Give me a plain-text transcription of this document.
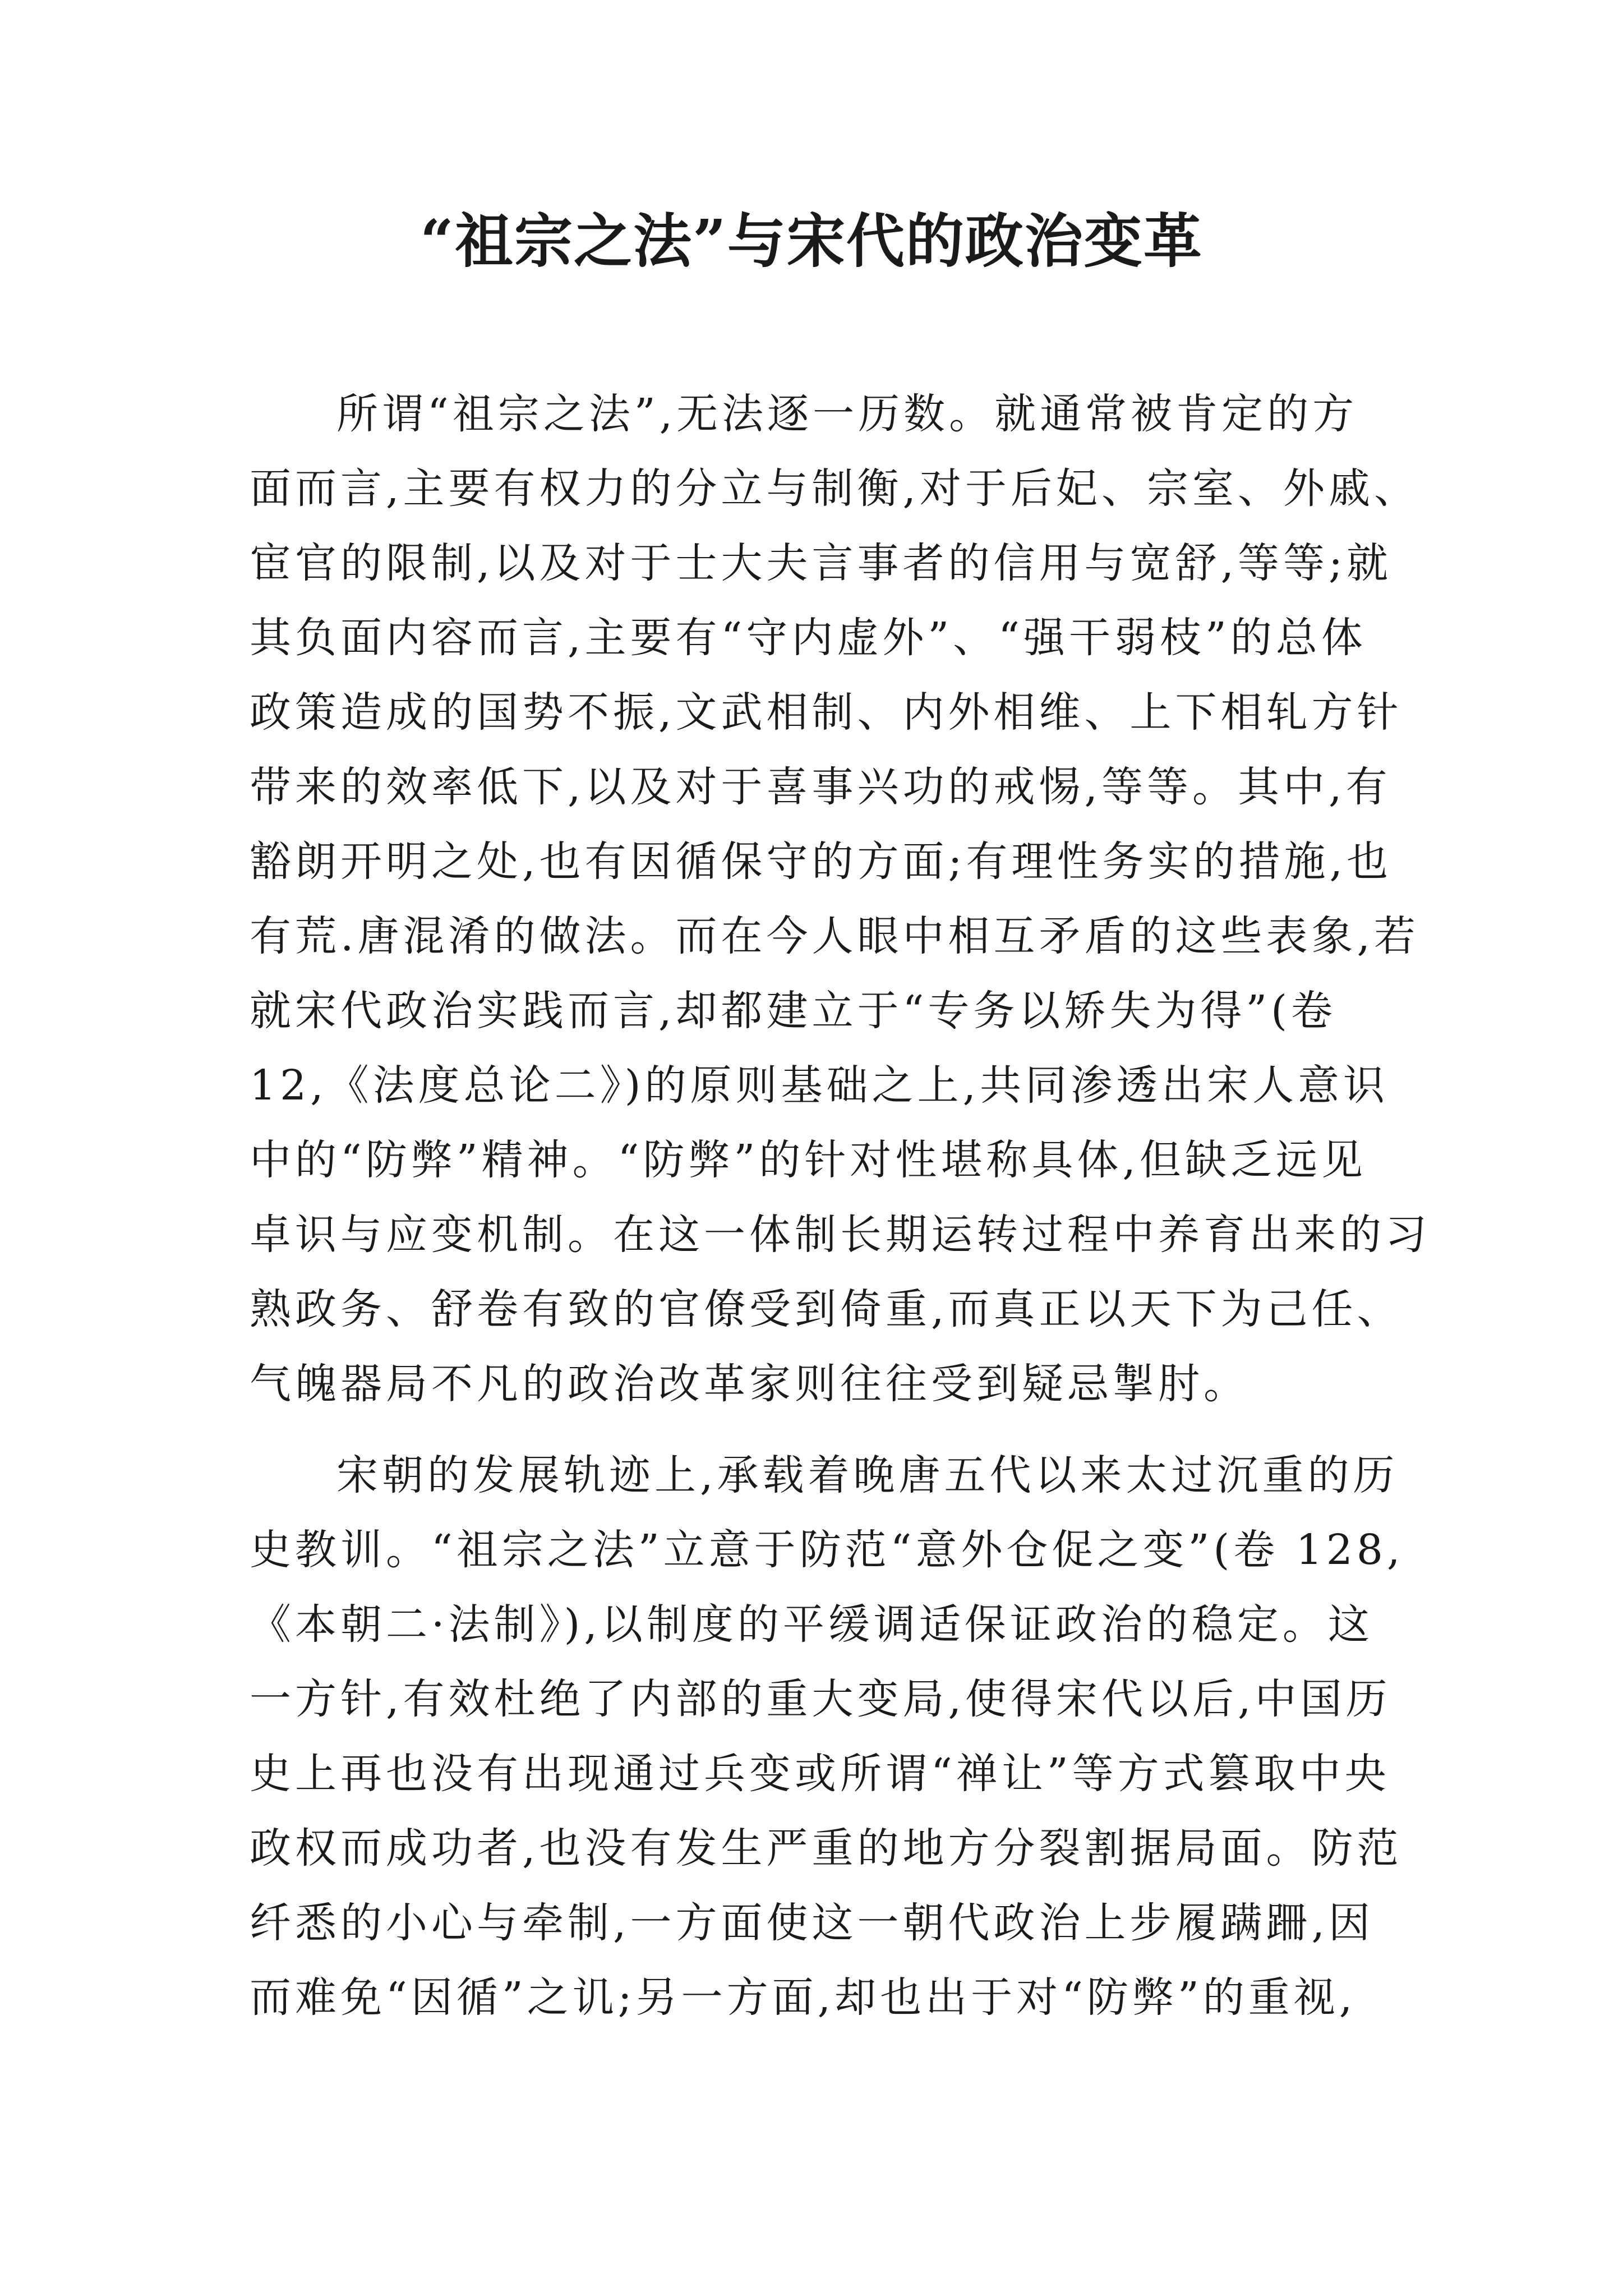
“祖宗之法”与宋代的政治变革
所谓“祖宗之法”,无法逐一历数。就通常被肯定的方
面而言,主要有权力的分立与制衡,对于后妃、宗室、外戚、
宦官的限制,以及对于士大夫言事者的信用与宽舒,等等;就
其负面内容而言,主要有“守内虚外”、“强干弱枝”的总体
政策造成的国势不振,文武相制、内外相维、上下相轧方针
带来的效率低下,以及对于喜事兴功的戒惕,等等。其中,有
豁朗开明之处,也有因循保守的方面;有理性务实的措施,也
有荒.唐混淆的做法。而在今人眼中相互矛盾的这些表象,若
就宋代政治实践而言,却都建立于“专务以矫失为得”(卷
12,《法度总论二》)的原则基础之上,共同渗透出宋人意识
中的“防弊”精神。“防弊”的针对性堪称具体,但缺乏远见
卓识与应变机制。在这一体制长期运转过程中养育出来的习
熟政务、舒卷有致的官僚受到倚重,而真正以天下为己任、
气魄器局不凡的政治改革家则往往受到疑忌掣肘。
宋朝的发展轨迹上,承载着晚唐五代以来太过沉重的历
史教训。“祖宗之法”立意于防范“意外仓促之变”(卷 128,
《本朝二·法制》),以制度的平缓调适保证政治的稳定。这
一方针,有效杜绝了内部的重大变局,使得宋代以后,中国历
史上再也没有出现通过兵变或所谓“禅让”等方式篡取中央
政权而成功者,也没有发生严重的地方分裂割据局面。防范
纤悉的小心与牵制,一方面使这一朝代政治上步履蹒跚,因
而难免“因循”之讥;另一方面,却也出于对“防弊”的重视,
